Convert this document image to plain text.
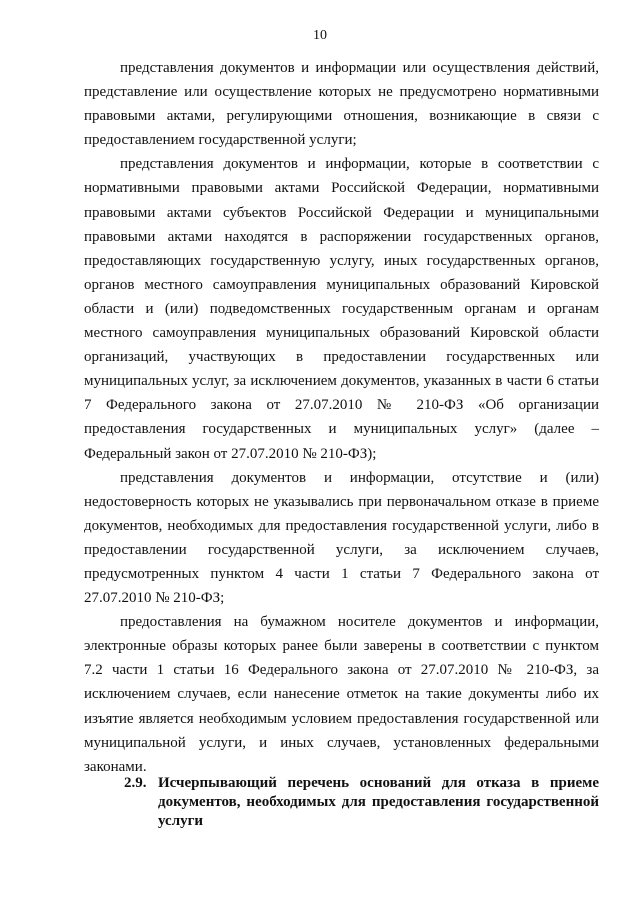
10

представления документов и информации или осуществления действий, представление или осуществление которых не предусмотрено нормативными правовыми актами, регулирующими отношения, возникающие в связи с предоставлением государственной услуги;

представления документов и информации, которые в соответствии с нормативными правовыми актами Российской Федерации, нормативными правовыми актами субъектов Российской Федерации и муниципальными правовыми актами находятся в распоряжении государственных органов, предоставляющих государственную услугу, иных государственных органов, органов местного самоуправления муниципальных образований Кировской области и (или) подведомственных государственным органам и органам местного самоуправления муниципальных образований Кировской области организаций, участвующих в предоставлении государственных или муниципальных услуг, за исключением документов, указанных в части 6 статьи 7 Федерального закона от 27.07.2010 № 210-ФЗ «Об организации предоставления государственных и муниципальных услуг» (далее – Федеральный закон от 27.07.2010 № 210-ФЗ);

представления документов и информации, отсутствие и (или) недостоверность которых не указывались при первоначальном отказе в приеме документов, необходимых для предоставления государственной услуги, либо в предоставлении государственной услуги, за исключением случаев, предусмотренных пунктом 4 части 1 статьи 7 Федерального закона от 27.07.2010 № 210-ФЗ;

предоставления на бумажном носителе документов и информации, электронные образы которых ранее были заверены в соответствии с пунктом 7.2 части 1 статьи 16 Федерального закона от 27.07.2010 № 210-ФЗ, за исключением случаев, если нанесение отметок на такие документы либо их изъятие является необходимым условием предоставления государственной или муниципальной услуги, и иных случаев, установленных федеральными законами.

2.9. Исчерпывающий перечень оснований для отказа в приеме документов, необходимых для предоставления государственной услуги
